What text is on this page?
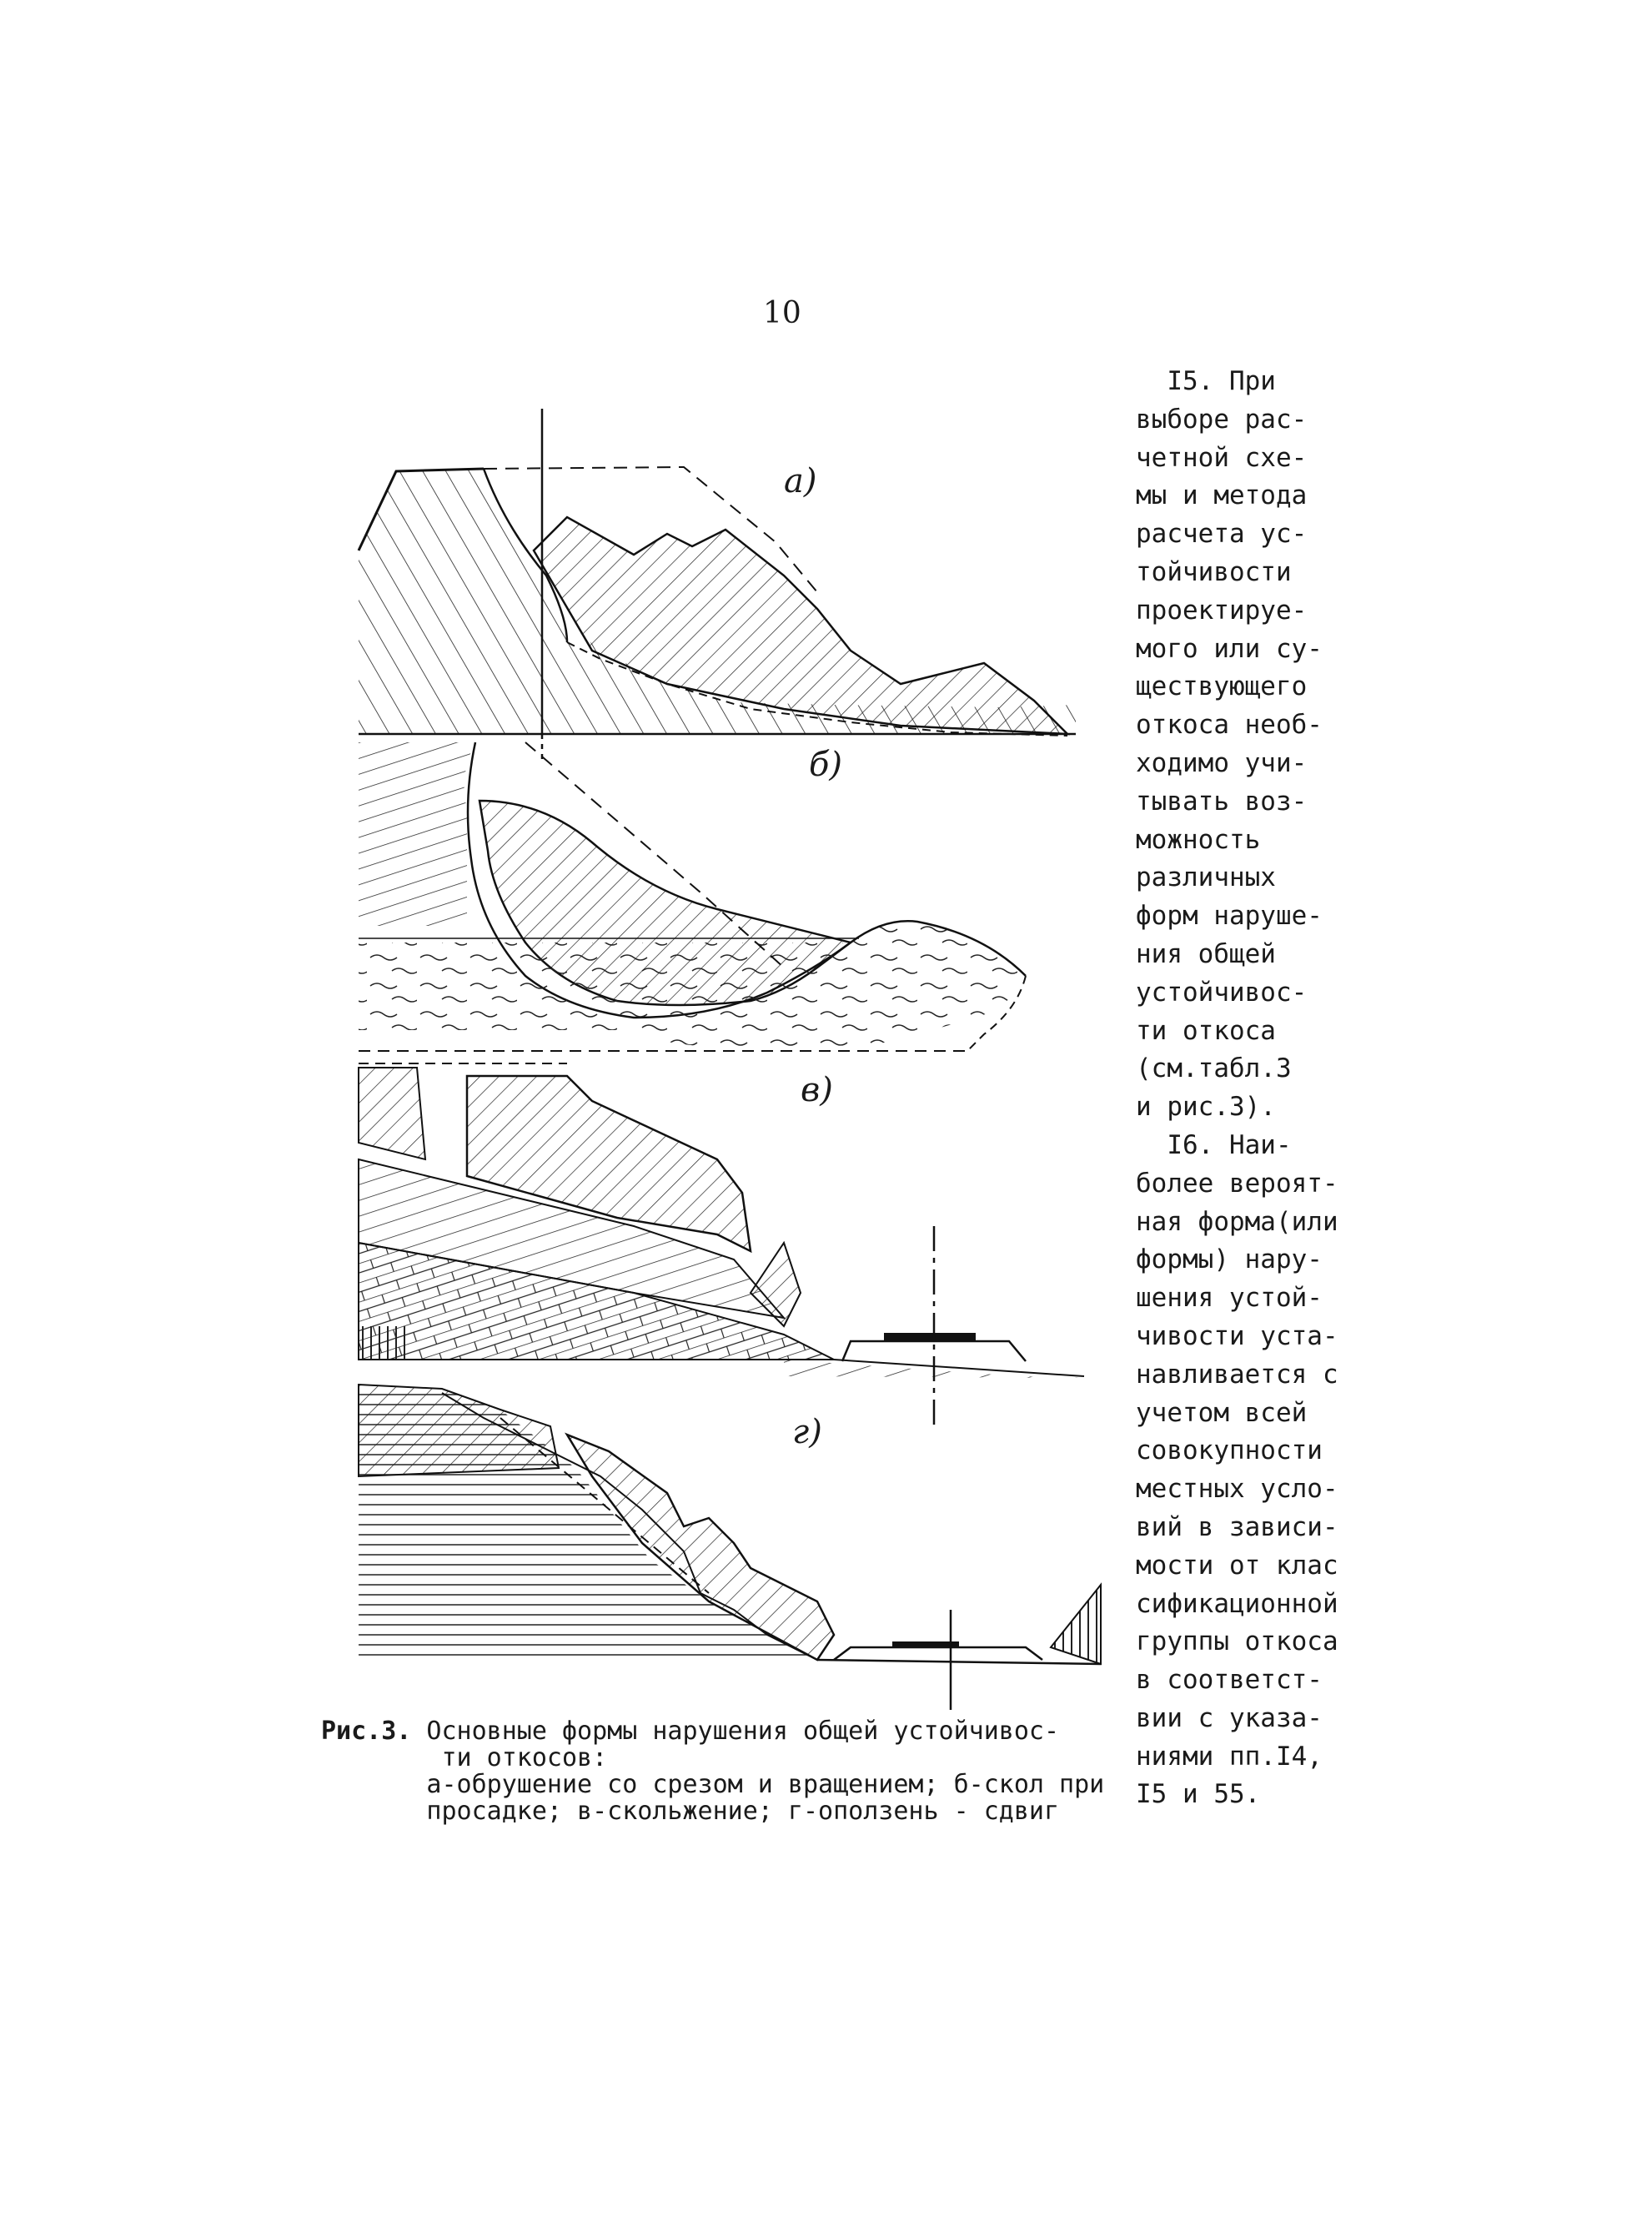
10
а)
б)
в)
г)
I5. При
выборе рас-
четной схе-
мы и метода
расчета ус-
тойчивости
проектируе-
мого или су-
ществующего
откоса необ-
ходимо учи-
тывать воз-
можность
различных
форм наруше-
ния общей
устойчивос-
ти откоса
(см.табл.3
и рис.3).
I6. Наи-
более вероят-
ная форма(или
формы) нару-
шения устой-
чивости уста-
навливается с
учетом всей
совокупности
местных усло-
вий в зависи-
мости от клас
сификационной
группы откоса
в соответст-
вии с указа-
ниями пп.I4,
I5 и 55.
Рис.3. Основные формы нарушения общей устойчивос-
ти откосов:
а-обрушение со срезом и вращением; б-скол при
просадке; в-скольжение; г-оползень - сдвиг
